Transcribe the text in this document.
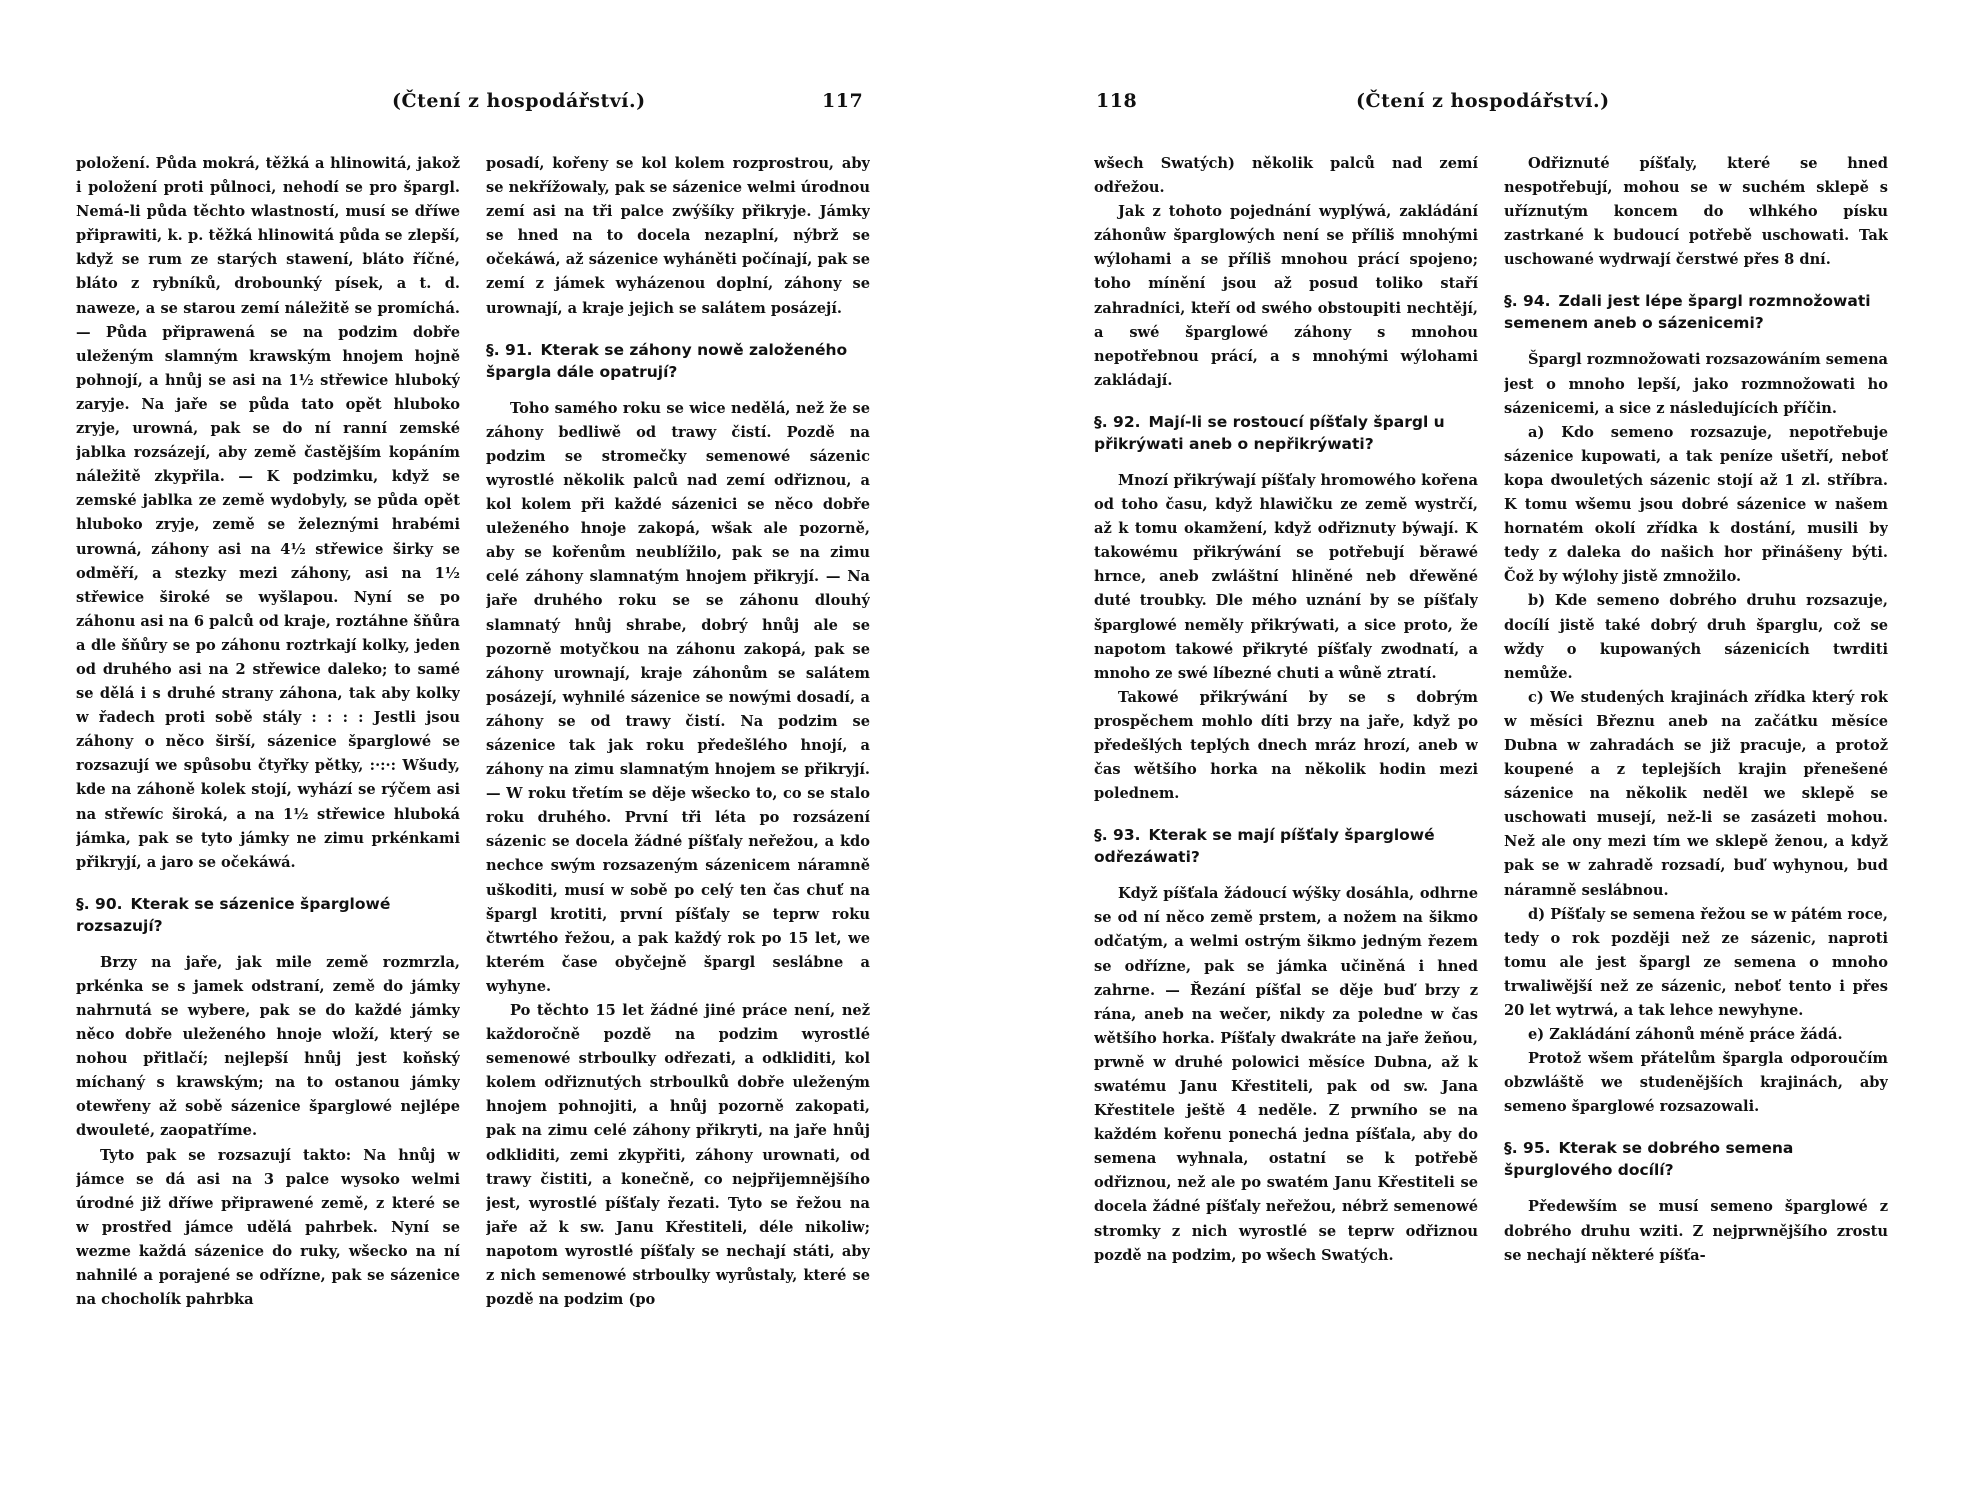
(Čtení z hospodářství.)	117

položení. Půda mokrá, těžká a hlinowitá, jakož i položení proti půlnoci, nehodí se pro špargl. Nemá-li půda těchto wlastností, musí se dříwe připrawiti, k. p. těžká hlinowitá půda se zlepší, když se rum ze starých stawení, bláto říčné, bláto z rybníků, drobounký písek, a t. d. naweze, a se starou zemí náležitě se promíchá. — Půda připrawená se na podzim dobře uleženým slamným krawským hnojem hojně pohnojí, a hnůj se asi na 1½ střewice hluboký zaryje. Na jaře se půda tato opět hluboko zryje, urowná, pak se do ní ranní zemské jablka rozsázejí, aby země častějším kopáním náležitě zkypřila. — K podzimku, když se zemské jablka ze země wydobyly, se půda opět hluboko zryje, země se železnými hrabémi urowná, záhony asi na 4½ střewice širky se odměří, a stezky mezi záhony, asi na 1½ střewice široké se wyšlapou. Nyní se po záhonu asi na 6 palců od kraje, roztáhne šňůra a dle šňůry se po záhonu roztrkají kolky, jeden od druhého asi na 2 střewice daleko; to samé se dělá i s druhé strany záhona, tak aby kolky w řadech proti sobě stály : : : : Jestli jsou záhony o něco širší, sázenice šparglowé se rozsazují we spůsobu čtyřky pětky, :·:·: Wšudy, kde na záhoně kolek stojí, wyhází se rýčem asi na střewíc široká, a na 1½ střewice hluboká jámka, pak se tyto jámky ne zimu prkénkami přikryjí, a jaro se očekáwá.

§. 90. Kterak se sázenice šparglowé rozsazují?

Brzy na jaře, jak mile země rozmrzla, prkénka se s jamek odstraní, země do jámky nahrnutá se wybere, pak se do každé jámky něco dobře uleženého hnoje wloží, který se nohou přitlačí; nejlepší hnůj jest koňský míchaný s krawským; na to ostanou jámky otewřeny až sobě sázenice šparglowé nejlépe dwouleté, zaopatříme.

Tyto pak se rozsazují takto: Na hnůj w jámce se dá asi na 3 palce wysoko welmi úrodné již dříwe připrawené země, z které se w prostřed jámce udělá pahrbek. Nyní se wezme každá sázenice do ruky, wšecko na ní nahnilé a porajené se odřízne, pak se sázenice na chocholík pahrbka

posadí, kořeny se kol kolem rozprostrou, aby se nekřížowaly, pak se sázenice welmi úrodnou zemí asi na tři palce zwýšíky přikryje. Jámky se hned na to docela nezaplní, nýbrž se očekáwá, až sázenice wyháněti počínají, pak se zemí z jámek wyházenou doplní, záhony se urownají, a kraje jejich se salátem posázejí.

§. 91. Kterak se záhony nowě založeného špargla dále opatrují?

Toho samého roku se wice nedělá, než že se záhony bedliwě od trawy čistí. Pozdě na podzim se stromečky semenowé sázenic wyrostlé několik palců nad zemí odřiznou, a kol kolem při každé sázenici se něco dobře uleženého hnoje zakopá, wšak ale pozorně, aby se kořenům neublížilo, pak se na zimu celé záhony slamnatým hnojem přikryjí. — Na jaře druhého roku se se záhonu dlouhý slamnatý hnůj shrabe, dobrý hnůj ale se pozorně motyčkou na záhonu zakopá, pak se záhony urownají, kraje záhonům se salátem posázejí, wyhnilé sázenice se nowými dosadí, a záhony se od trawy čistí. Na podzim se sázenice tak jak roku předešlého hnojí, a záhony na zimu slamnatým hnojem se přikryjí. — W roku třetím se děje wšecko to, co se stalo roku druhého. První tři léta po rozsázení sázenic se docela žádné píšťaly neřežou, a kdo nechce swým rozsazeným sázenicem náramně uškoditi, musí w sobě po celý ten čas chuť na špargl krotiti, první píšťaly se teprw roku čtwrtého řežou, a pak každý rok po 15 let, we kterém čase obyčejně špargl seslábne a wyhyne.

Po těchto 15 let žádné jiné práce není, než každoročně pozdě na podzim wyrostlé semenowé strboulky odřezati, a odkliditi, kol kolem odřiznutých strboulků dobře uleženým hnojem pohnojiti, a hnůj pozorně zakopati, pak na zimu celé záhony přikryti, na jaře hnůj odkliditi, zemi zkypřiti, záhony urownati, od trawy čistiti, a konečně, co nejpřijemnějšího jest, wyrostlé píšťaly řezati. Tyto se řežou na jaře až k sw. Janu Křestiteli, déle nikoliw; napotom wyrostlé píšťaly se nechají státi, aby z nich semenowé strboulky wyrůstaly, které se pozdě na podzim (po

118	(Čtení z hospodářství.)

wšech Swatých) několik palců nad zemí odřežou.

Jak z tohoto pojednání wyplýwá, zakládání záhonůw šparglowých není se příliš mnohými wýlohami a se příliš mnohou prácí spojeno; toho mínění jsou až posud toliko staří zahradníci, kteří od swého obstoupiti nechtějí, a swé šparglowé záhony s mnohou nepotřebnou prácí, a s mnohými wýlohami zakládají.

§. 92. Mají-li se rostoucí píšťaly špargl u přikrýwati aneb o nepřikrýwati?

Mnozí přikrýwají píšťaly hromowého kořena od toho času, když hlawičku ze země wystrčí, až k tomu okamžení, když odřiznuty býwají. K takowému přikrýwání se potřebují běrawé hrnce, aneb zwláštní hliněné neb dřewěné duté troubky. Dle mého uznání by se píšťaly šparglowé neměly přikrýwati, a sice proto, že napotom takowé přikryté píšťaly zwodnatí, a mnoho ze swé líbezné chuti a wůně ztratí.

Takowé přikrýwání by se s dobrým prospěchem mohlo díti brzy na jaře, když po předešlých teplých dnech mráz hrozí, aneb w čas wětšího horka na několik hodin mezi polednem.

§. 93. Kterak se mají píšťaly šparglowé odřezáwati?

Když píšťala žádoucí wýšky dosáhla, odhrne se od ní něco země prstem, a nožem na šikmo odčatým, a welmi ostrým šikmo jedným řezem se odřízne, pak se jámka učiněná i hned zahrne. — Řezání píšťal se děje buď brzy z rána, aneb na wečer, nikdy za poledne w čas wětšího horka. Píšťaly dwakráte na jaře žeňou, prwně w druhé polowici měsíce Dubna, až k swatému Janu Křestiteli, pak od sw. Jana Křestitele ještě 4 neděle. Z prwního se na každém kořenu ponechá jedna píšťala, aby do semena wyhnala, ostatní se k potřebě odřiznou, než ale po swatém Janu Křestiteli se docela žádné píšťaly neřežou, nébrž semenowé stromky z nich wyrostlé se teprw odřiznou pozdě na podzim, po wšech Swatých.

Odřiznuté píšťaly, které se hned nespotřebují, mohou se w suchém sklepě s uříznutým koncem do wlhkého písku zastrkané k budoucí potřebě uschowati. Tak uschowané wydrwají čerstwé přes 8 dní.

§. 94. Zdali jest lépe špargl rozmnožowati semenem aneb o sázenicemi?

Špargl rozmnožowati rozsazowáním semena jest o mnoho lepší, jako rozmnožowati ho sázenicemi, a sice z následujících příčin.

a) Kdo semeno rozsazuje, nepotřebuje sázenice kupowati, a tak peníze ušetří, neboť kopa dwouletých sázenic stojí až 1 zl. stříbra. K tomu wšemu jsou dobré sázenice w našem hornatém okolí zřídka k dostání, musili by tedy z daleka do našich hor přinášeny býti. Čož by wýlohy jistě zmnožilo.

b) Kde semeno dobrého druhu rozsazuje, docílí jistě také dobrý druh šparglu, což se wždy o kupowaných sázenicích twrditi nemůže.

c) We studených krajinách zřídka který rok w měsíci Březnu aneb na začátku měsíce Dubna w zahradách se již pracuje, a protož koupené a z teplejších krajin přenešené sázenice na několik neděl we sklepě se uschowati musejí, než-li se zasázeti mohou. Než ale ony mezi tím we sklepě ženou, a když pak se w zahradě rozsadí, buď wyhynou, buď náramně seslábnou.

d) Píšťaly se semena řežou se w pátém roce, tedy o rok později než ze sázenic, naproti tomu ale jest špargl ze semena o mnoho trwaliwější než ze sázenic, neboť tento i přes 20 let wytrwá, a tak lehce newyhyne.

e) Zakládání záhonů méně práce žádá.

Protož wšem přátelům špargla odporoučím obzwláště we studenějších krajinách, aby semeno šparglowé rozsazowali.

§. 95. Kterak se dobrého semena špurglového docílí?

Předewším se musí semeno šparglowé z dobrého druhu wziti. Z nejprwnějšího zrostu se nechají některé píšťa-
